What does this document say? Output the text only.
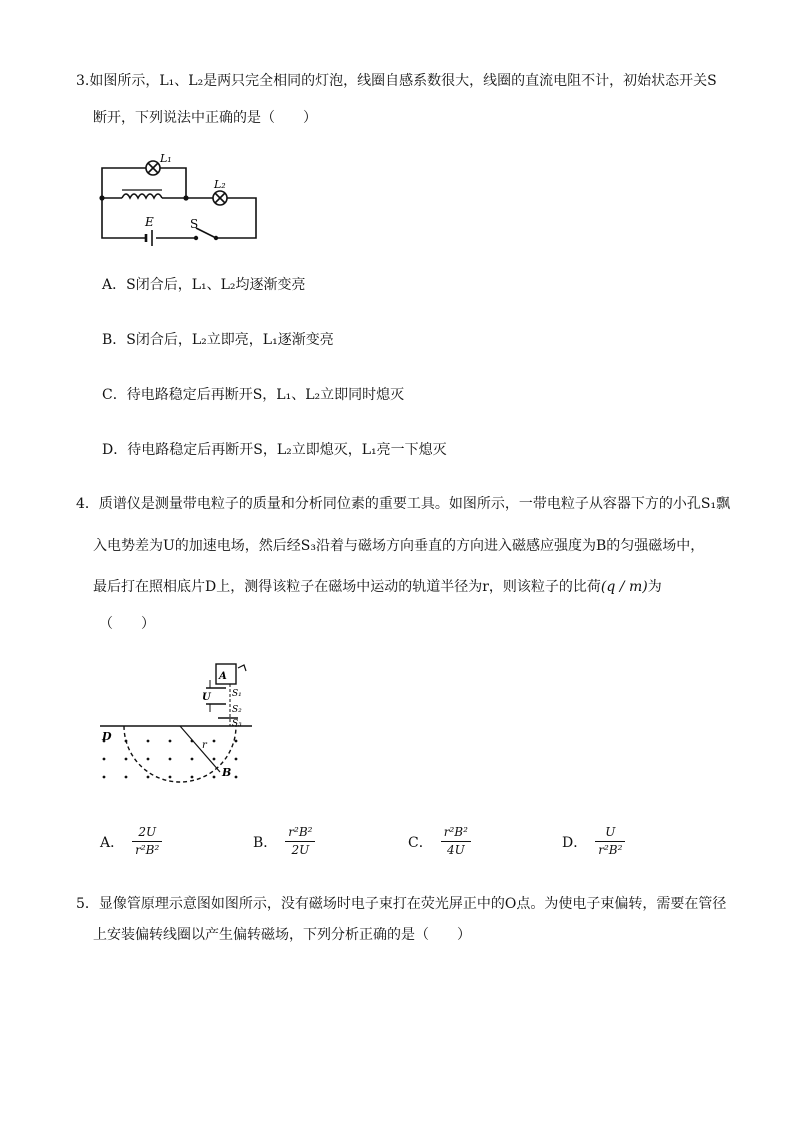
3.如图所示，L₁、L₂是两只完全相同的灯泡，线圈自感系数很大，线圈的直流电阻不计，初始状态开关S
断开，下列说法中正确的是（　　）
L₁
L₂
E	S
A．S闭合后，L₁、L₂均逐渐变亮
B．S闭合后，L₂立即亮，L₁逐渐变亮
C．待电路稳定后再断开S，L₁、L₂立即同时熄灭
D．待电路稳定后再断开S，L₂立即熄灭，L₁亮一下熄灭
4．质谱仪是测量带电粒子的质量和分析同位素的重要工具。如图所示，一带电粒子从容器下方的小孔S₁飘
入电势差为U的加速电场，然后经S₃沿着与磁场方向垂直的方向进入磁感应强度为B的匀强磁场中，
最后打在照相底片D上，测得该粒子在磁场中运动的轨道半径为r，则该粒子的比荷(q / m)为
（　　）
A
U S₁
S₂
S₃
D
r
B
A． $\frac{2U}{\text{r²B²}}$	B． $\frac{\text{r²B²}}{2U}$	C． $\frac{\text{r²B²}}{4U}$	D． $\frac{U}{\text{r²B²}}$
5．显像管原理示意图如图所示，没有磁场时电子束打在荧光屏正中的O点。为使电子束偏转，需要在管径
上安装偏转线圈以产生偏转磁场，下列分析正确的是（　　）
